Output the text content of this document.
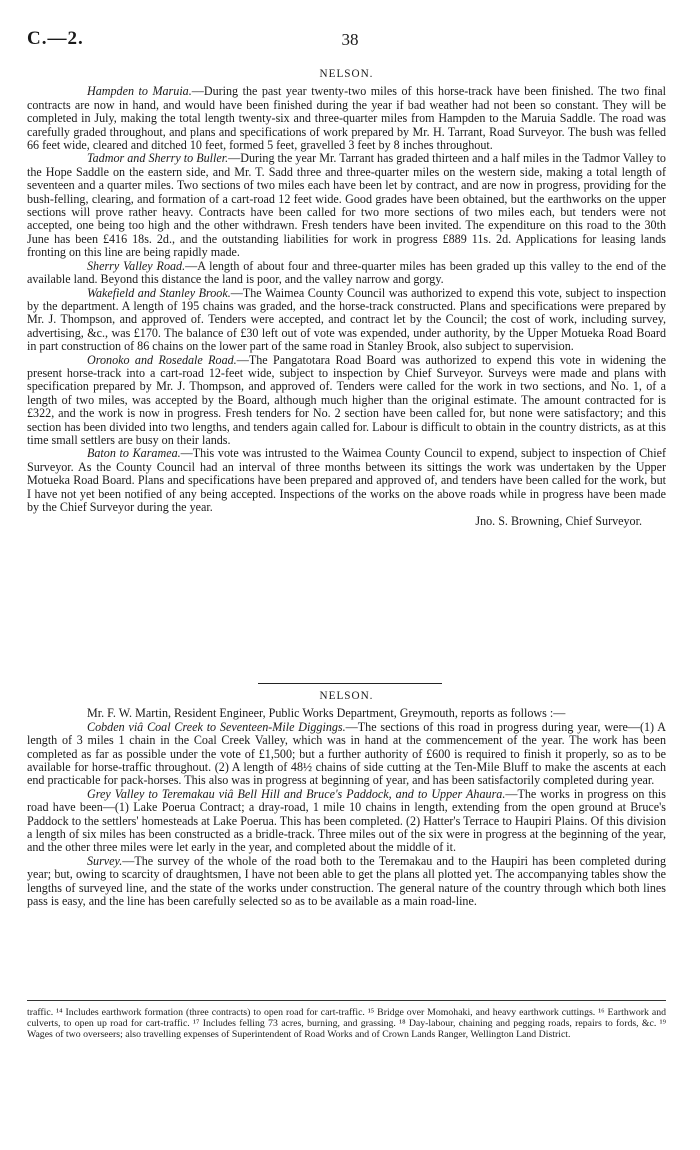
C.—2.	38
NELSON.

Hampden to Maruia.—During the past year twenty-two miles of this horse-track have been finished. The two final contracts are now in hand, and would have been finished during the year if bad weather had not been so constant. They will be completed in July, making the total length twenty-six and three-quarter miles from Hampden to the Maruia Saddle. The road was carefully graded throughout, and plans and specifications of work prepared by Mr. H. Tarrant, Road Surveyor. The bush was felled 66 feet wide, cleared and ditched 10 feet, formed 5 feet, gravelled 3 feet by 8 inches throughout.

Tadmor and Sherry to Buller.—During the year Mr. Tarrant has graded thirteen and a half miles in the Tadmor Valley to the Hope Saddle on the eastern side, and Mr. T. Sadd three and three-quarter miles on the western side, making a total length of seventeen and a quarter miles. Two sections of two miles each have been let by contract, and are now in progress, providing for the bush-felling, clearing, and formation of a cart-road 12 feet wide. Good grades have been obtained, but the earthworks on the upper sections will prove rather heavy. Contracts have been called for two more sections of two miles each, but tenders were not accepted, one being too high and the other withdrawn. Fresh tenders have been invited. The expenditure on this road to the 30th June has been £416 18s. 2d., and the outstanding liabilities for work in progress £889 11s. 2d. Applications for leasing lands fronting on this line are being rapidly made.

Sherry Valley Road.—A length of about four and three-quarter miles has been graded up this valley to the end of the available land. Beyond this distance the land is poor, and the valley narrow and gorgy.

Wakefield and Stanley Brook.—The Waimea County Council was authorized to expend this vote, subject to inspection by the department. A length of 195 chains was graded, and the horse-track constructed. Plans and specifications were prepared by Mr. J. Thompson, and approved of. Tenders were accepted, and contract let by the Council; the cost of work, including survey, advertising, &c., was £170. The balance of £30 left out of vote was expended, under authority, by the Upper Motueka Road Board in part construction of 86 chains on the lower part of the same road in Stanley Brook, also subject to supervision.

Oronoko and Rosedale Road.—The Pangatotara Road Board was authorized to expend this vote in widening the present horse-track into a cart-road 12-feet wide, subject to inspection by Chief Surveyor. Surveys were made and plans with specification prepared by Mr. J. Thompson, and approved of. Tenders were called for the work in two sections, and No. 1, of a length of two miles, was accepted by the Board, although much higher than the original estimate. The amount contracted for is £322, and the work is now in progress. Fresh tenders for No. 2 section have been called for, but none were satisfactory; and this section has been divided into two lengths, and tenders again called for. Labour is difficult to obtain in the country districts, as at this time small settlers are busy on their lands.

Baton to Karamea.—This vote was intrusted to the Waimea County Council to expend, subject to inspection of Chief Surveyor. As the County Council had an interval of three months between its sittings the work was undertaken by the Upper Motueka Road Board. Plans and specifications have been prepared and approved of, and tenders have been called for the work, but I have not yet been notified of any being accepted. Inspections of the works on the above roads while in progress have been made by the Chief Surveyor during the year.

Jno. S. Browning, Chief Surveyor.
NELSON.

Mr. F. W. Martin, Resident Engineer, Public Works Department, Greymouth, reports as follows :—

Cobden viâ Coal Creek to Seventeen-Mile Diggings.—The sections of this road in progress during year, were—(1) A length of 3 miles 1 chain in the Coal Creek Valley, which was in hand at the commencement of the year. The work has been completed as far as possible under the vote of £1,500; but a further authority of £600 is required to finish it properly, so as to be available for horse-traffic throughout. (2) A length of 48½ chains of side cutting at the Ten-Mile Bluff to make the ascents at each end practicable for pack-horses. This also was in progress at beginning of year, and has been satisfactorily completed during year.

Grey Valley to Teremakau viâ Bell Hill and Bruce's Paddock, and to Upper Ahaura.—The works in progress on this road have been—(1) Lake Poerua Contract; a dray-road, 1 mile 10 chains in length, extending from the open ground at Bruce's Paddock to the settlers' homesteads at Lake Poerua. This has been completed. (2) Hatter's Terrace to Haupiri Plains. Of this division a length of six miles has been constructed as a bridle-track. Three miles out of the six were in progress at the beginning of the year, and the other three miles were let early in the year, and completed about the middle of it.

Survey.—The survey of the whole of the road both to the Teremakau and to the Haupiri has been completed during year; but, owing to scarcity of draughtsmen, I have not been able to get the plans all plotted yet. The accompanying tables show the lengths of surveyed line, and the state of the works under construction. The general nature of the country through which both lines pass is easy, and the line has been carefully selected so as to be available as a main road-line.

traffic. ¹⁴ Includes earthwork formation (three contracts) to open road for cart-traffic. ¹⁵ Bridge over Momohaki, and heavy earthwork cuttings. ¹⁶ Earthwork and culverts, to open up road for cart-traffic. ¹⁷ Includes felling 73 acres, burning, and grassing. ¹⁸ Day-labour, chaining and pegging roads, repairs to fords, &c. ¹⁹ Wages of two overseers; also travelling expenses of Superintendent of Road Works and of Crown Lands Ranger, Wellington Land District.
